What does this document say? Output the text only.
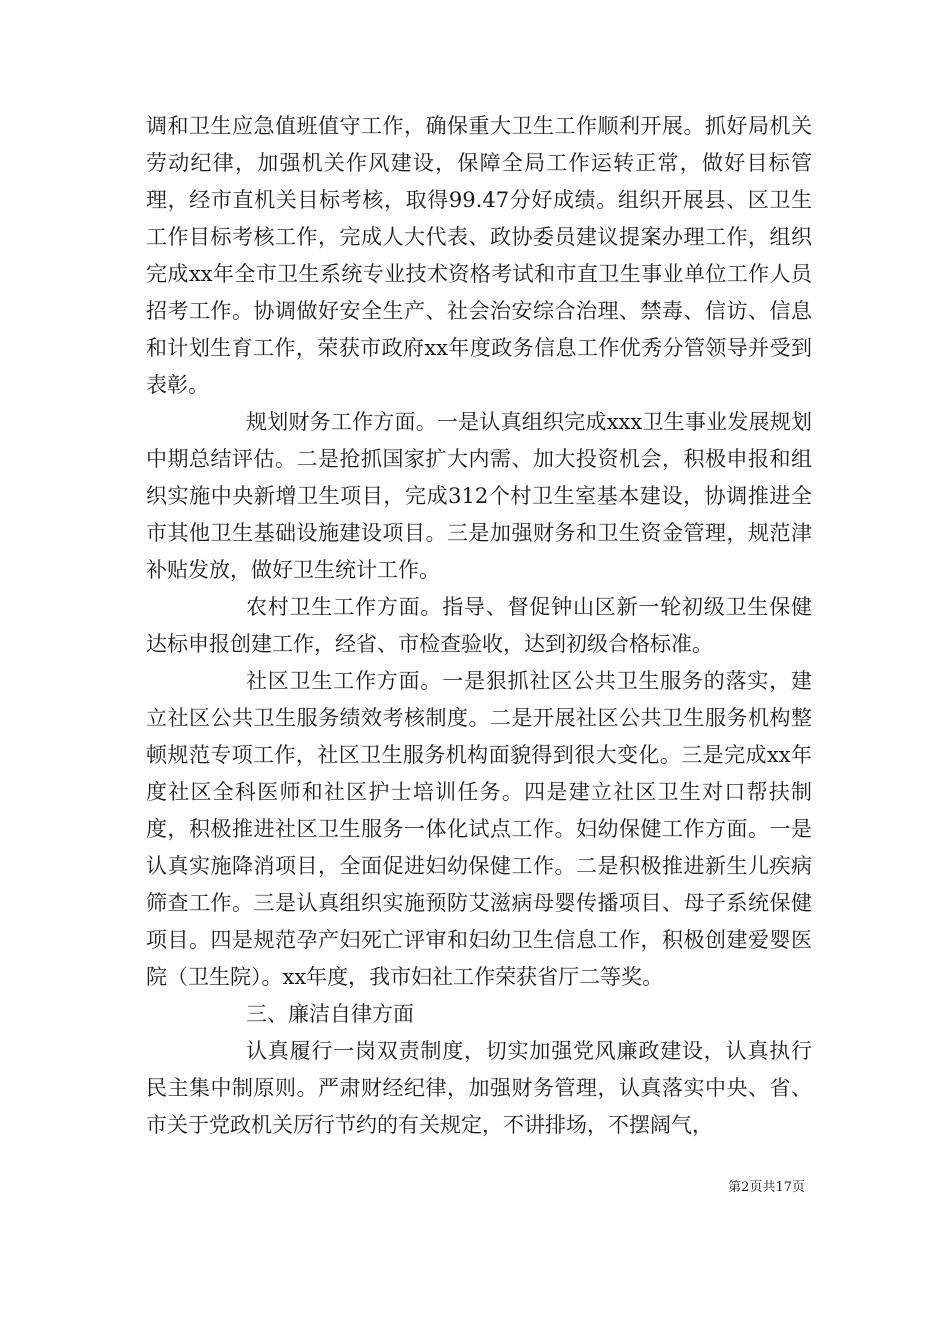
调和卫生应急值班值守工作，确保重大卫生工作顺利开展。抓好局机关劳动纪律，加强机关作风建设，保障全局工作运转正常，做好目标管理，经市直机关目标考核，取得99.47分好成绩。组织开展县、区卫生工作目标考核工作，完成人大代表、政协委员建议提案办理工作，组织完成xx年全市卫生系统专业技术资格考试和市直卫生事业单位工作人员招考工作。协调做好安全生产、社会治安综合治理、禁毒、信访、信息和计划生育工作，荣获市政府xx年度政务信息工作优秀分管领导并受到表彰。

规划财务工作方面。一是认真组织完成xxx卫生事业发展规划中期总结评估。二是抢抓国家扩大内需、加大投资机会，积极申报和组织实施中央新增卫生项目，完成312个村卫生室基本建设，协调推进全市其他卫生基础设施建设项目。三是加强财务和卫生资金管理，规范津补贴发放，做好卫生统计工作。

农村卫生工作方面。指导、督促钟山区新一轮初级卫生保健达标申报创建工作，经省、市检查验收，达到初级合格标准。

社区卫生工作方面。一是狠抓社区公共卫生服务的落实，建立社区公共卫生服务绩效考核制度。二是开展社区公共卫生服务机构整顿规范专项工作，社区卫生服务机构面貌得到很大变化。三是完成xx年度社区全科医师和社区护士培训任务。四是建立社区卫生对口帮扶制度，积极推进社区卫生服务一体化试点工作。妇幼保健工作方面。一是认真实施降消项目，全面促进妇幼保健工作。二是积极推进新生儿疾病筛查工作。三是认真组织实施预防艾滋病母婴传播项目、母子系统保健项目。四是规范孕产妇死亡评审和妇幼卫生信息工作，积极创建爱婴医院（卫生院）。xx年度，我市妇社工作荣获省厅二等奖。

三、廉洁自律方面

认真履行一岗双责制度，切实加强党风廉政建设，认真执行民主集中制原则。严肃财经纪律，加强财务管理，认真落实中央、省、市关于党政机关厉行节约的有关规定，不讲排场，不摆阔气，

第2页共17页
